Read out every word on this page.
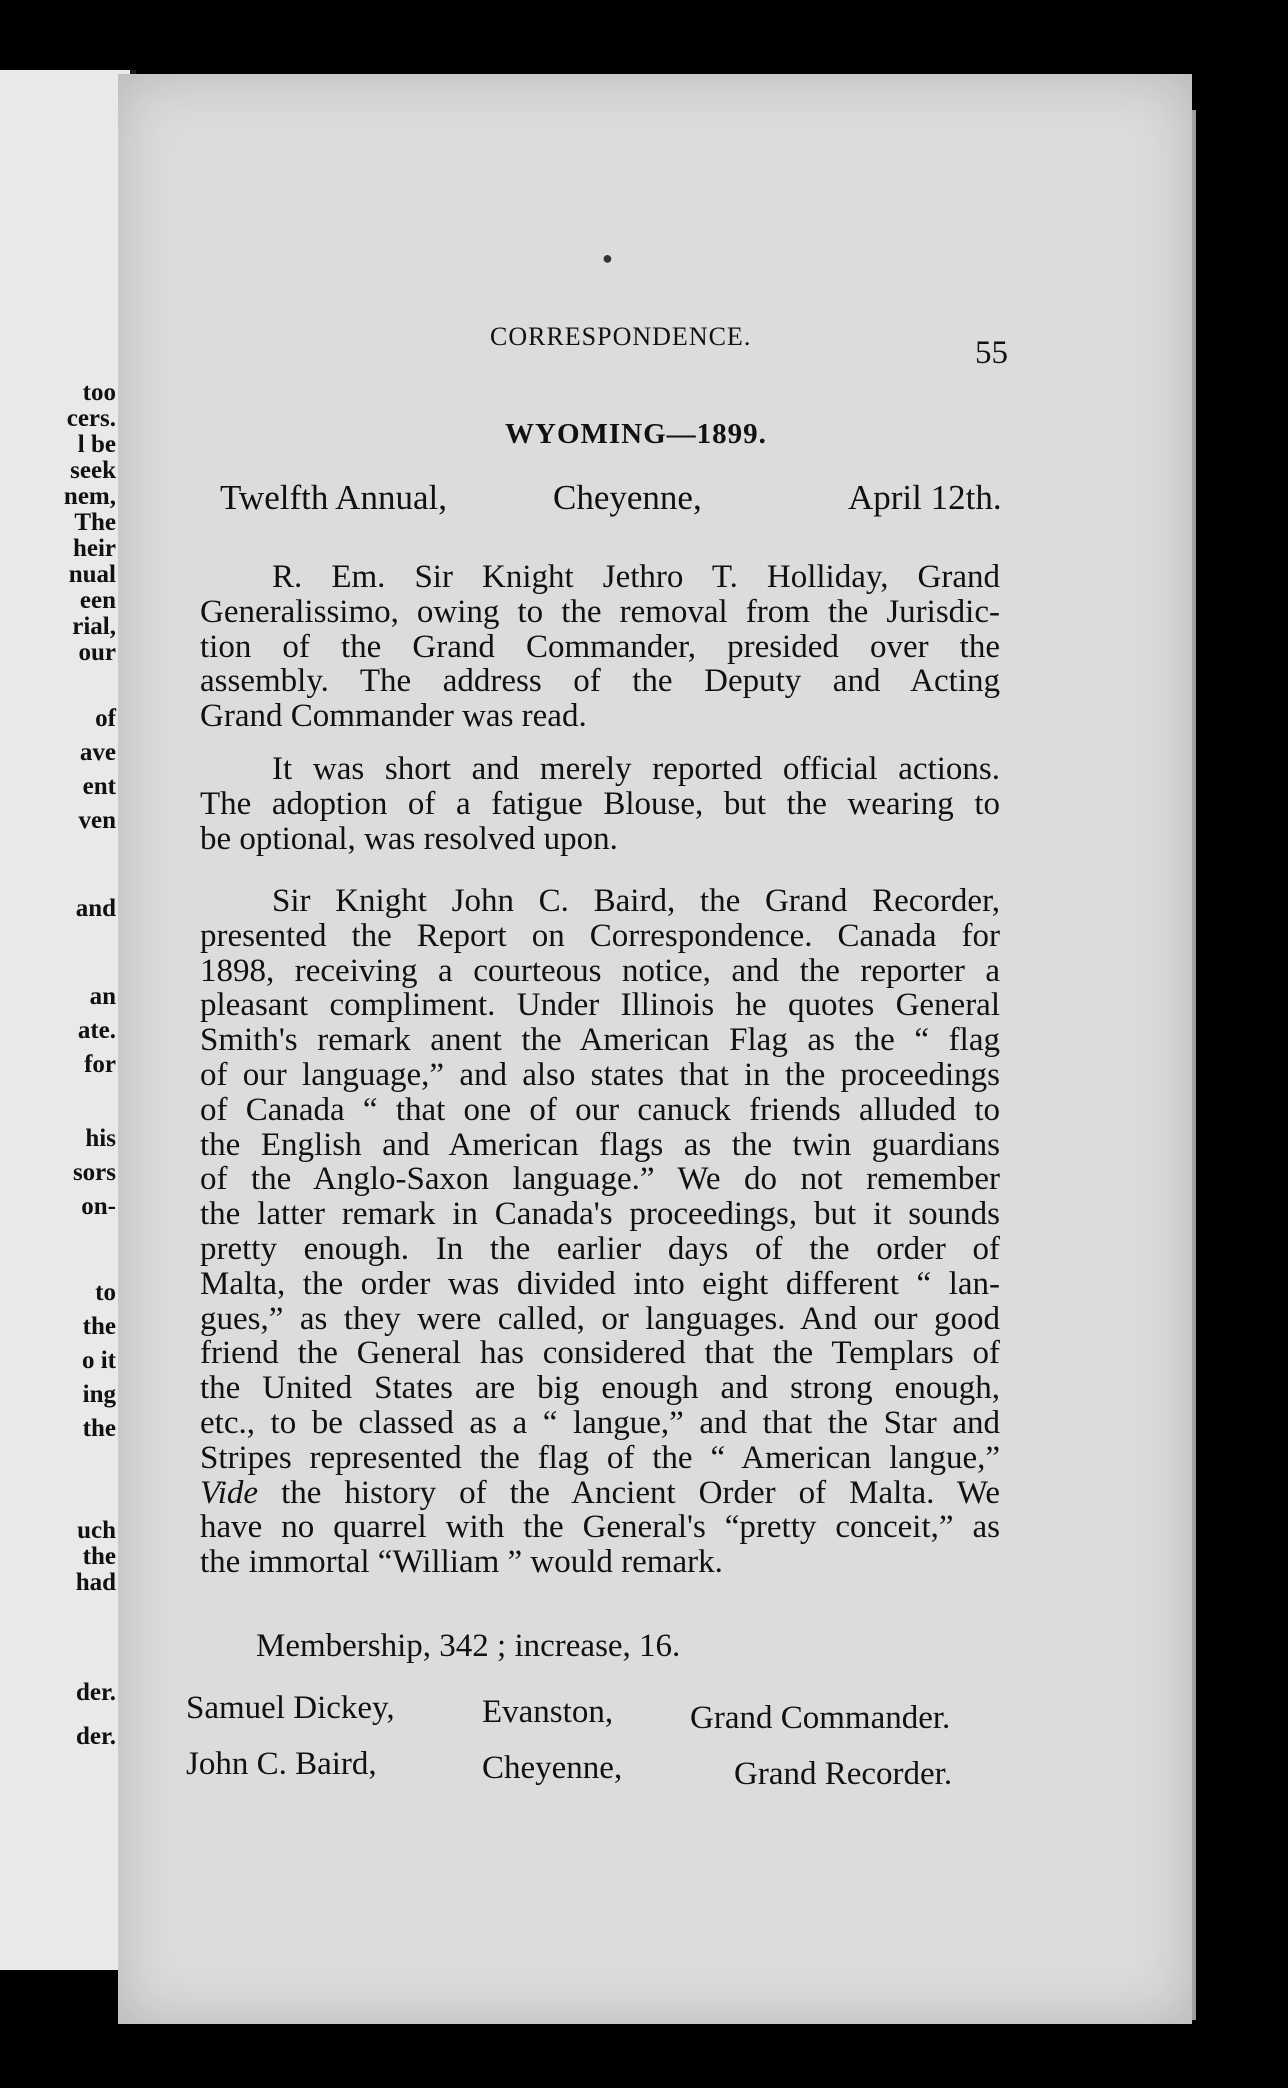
too
cers.
l be
seek
nem,
The
heir
nual
een
rial,
our
of
ave
ent
ven
and
an
ate.
for
his
sors
on-
to
the
o it
ing
the
uch
the
had
der.
der.
●
CORRESPONDENCE.	55
WYOMING—1899.
Twelfth Annual,	Cheyenne,	April 12th.
R. Em. Sir Knight Jethro T. Holliday, Grand
Generalissimo, owing to the removal from the Jurisdic-
tion of the Grand Commander, presided over the
assembly. The address of the Deputy and Acting
Grand Commander was read.
It was short and merely reported official actions.
The adoption of a fatigue Blouse, but the wearing to
be optional, was resolved upon.
Sir Knight John C. Baird, the Grand Recorder,
presented the Report on Correspondence. Canada for
1898, receiving a courteous notice, and the reporter a
pleasant compliment. Under Illinois he quotes General
Smith's remark anent the American Flag as the “ flag
of our language,” and also states that in the proceedings
of Canada “ that one of our canuck friends alluded to
the English and American flags as the twin guardians
of the Anglo-Saxon language.” We do not remember
the latter remark in Canada's proceedings, but it sounds
pretty enough. In the earlier days of the order of
Malta, the order was divided into eight different “ lan-
gues,” as they were called, or languages. And our good
friend the General has considered that the Templars of
the United States are big enough and strong enough,
etc., to be classed as a “ langue,” and that the Star and
Stripes represented the flag of the “ American langue,”
Vide the history of the Ancient Order of Malta. We
have no quarrel with the General's “pretty conceit,” as
the immortal “William ” would remark.
Membership, 342 ; increase, 16.
Samuel Dickey,	Evanston, Grand Commander.
John C. Baird,	Cheyenne,	Grand Recorder.
